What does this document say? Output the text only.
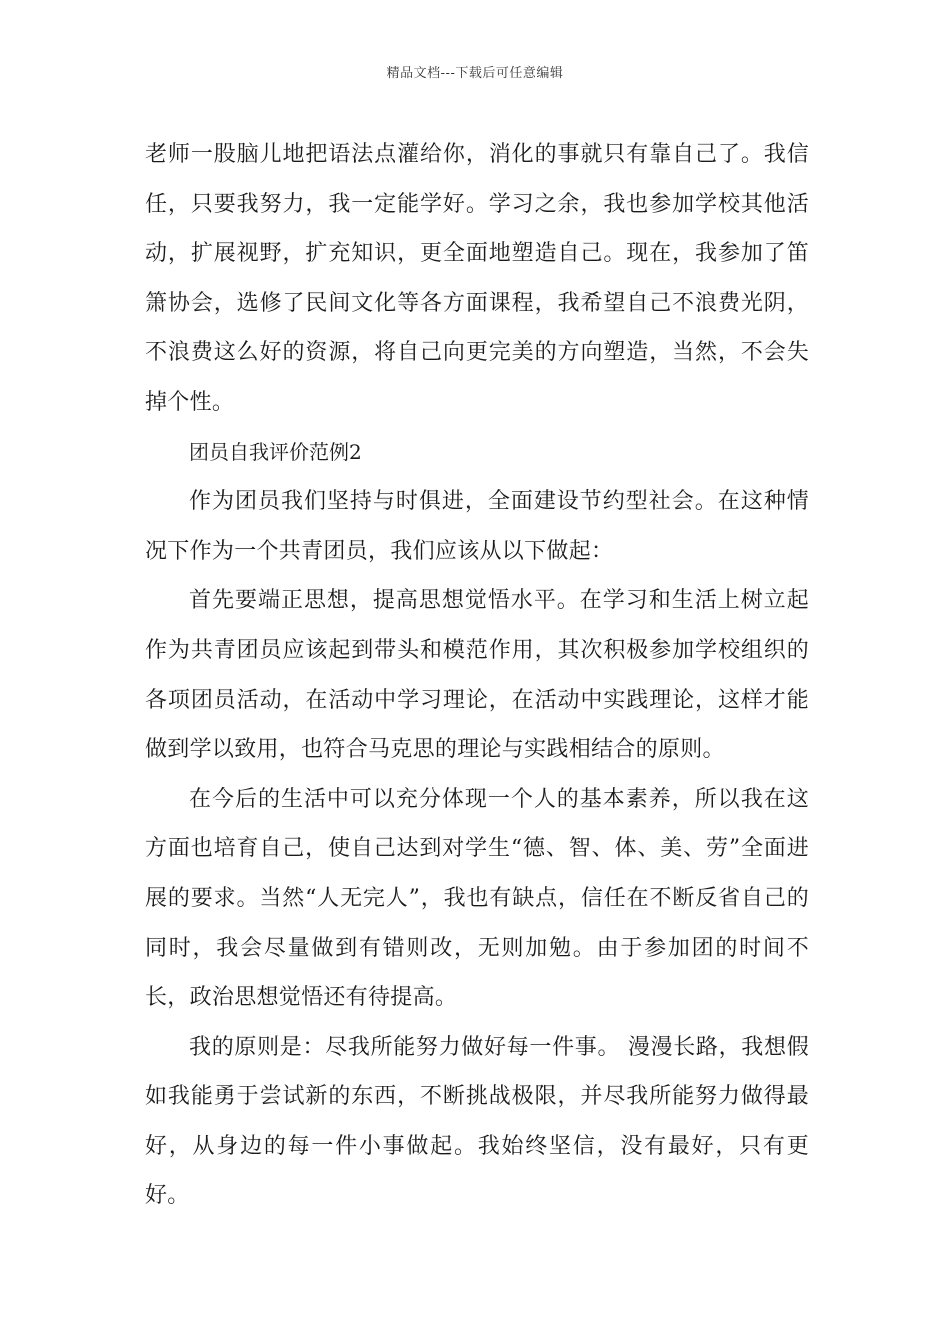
精品文档---下载后可任意编辑

老师一股脑儿地把语法点灌给你，消化的事就只有靠自己了。我信任，只要我努力，我一定能学好。学习之余，我也参加学校其他活动，扩展视野，扩充知识，更全面地塑造自己。现在，我参加了笛箫协会，选修了民间文化等各方面课程，我希望自己不浪费光阴，不浪费这么好的资源，将自己向更完美的方向塑造，当然，不会失掉个性。

团员自我评价范例2

作为团员我们坚持与时俱进，全面建设节约型社会。在这种情况下作为一个共青团员，我们应该从以下做起：

首先要端正思想，提高思想觉悟水平。在学习和生活上树立起作为共青团员应该起到带头和模范作用，其次积极参加学校组织的各项团员活动，在活动中学习理论，在活动中实践理论，这样才能做到学以致用，也符合马克思的理论与实践相结合的原则。

在今后的生活中可以充分体现一个人的基本素养，所以我在这方面也培育自己，使自己达到对学生“德、智、体、美、劳”全面进展的要求。当然“人无完人”，我也有缺点，信任在不断反省自己的同时，我会尽量做到有错则改，无则加勉。由于参加团的时间不长，政治思想觉悟还有待提高。

我的原则是：尽我所能努力做好每一件事。 漫漫长路，我想假如我能勇于尝试新的东西，不断挑战极限，并尽我所能努力做得最好，从身边的每一件小事做起。我始终坚信，没有最好，只有更好。
